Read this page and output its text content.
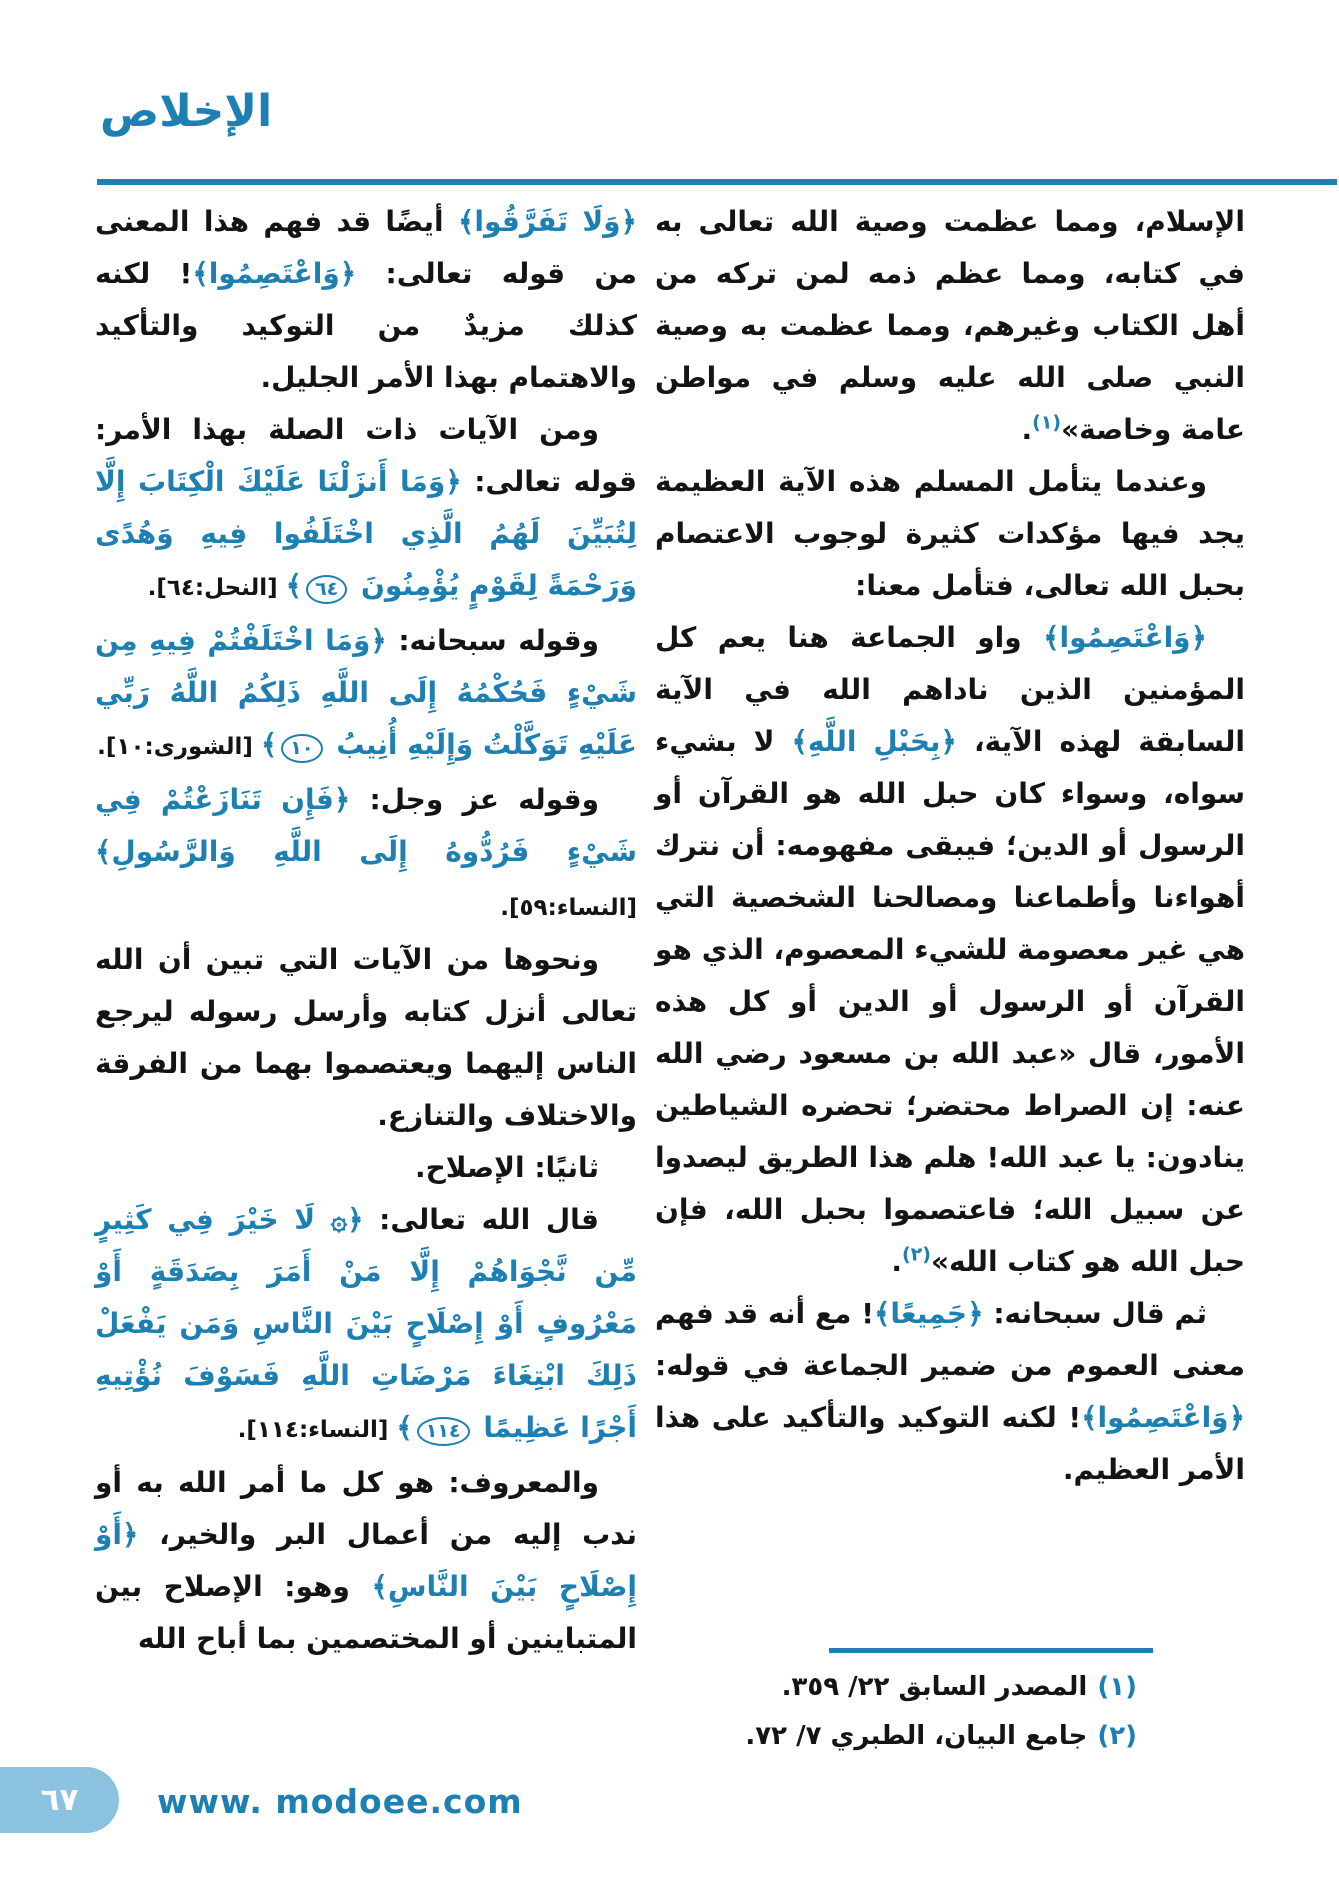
الإخلاص

الإسلام، ومما عظمت وصية الله تعالى به في كتابه، ومما عظم ذمه لمن تركه من أهل الكتاب وغيرهم، ومما عظمت به وصية النبي صلى الله عليه وسلم في مواطن عامة وخاصة»$^{(١)}$.

وعندما يتأمل المسلم هذه الآية العظيمة يجد فيها مؤكدات كثيرة لوجوب الاعتصام بحبل الله تعالى، فتأمل معنا:

﴿وَاعْتَصِمُوا﴾ واو الجماعة هنا يعم كل المؤمنين الذين ناداهم الله في الآية السابقة لهذه الآية، ﴿بِحَبْلِ اللَّهِ﴾ لا بشيء سواه، وسواء كان حبل الله هو القرآن أو الرسول أو الدين؛ فيبقى مفهومه: أن نترك أهواءنا وأطماعنا ومصالحنا الشخصية التي هي غير معصومة للشيء المعصوم، الذي هو القرآن أو الرسول أو الدين أو كل هذه الأمور، قال «عبد الله بن مسعود رضي الله عنه: إن الصراط محتضر؛ تحضره الشياطين ينادون: يا عبد الله! هلم هذا الطريق ليصدوا عن سبيل الله؛ فاعتصموا بحبل الله، فإن حبل الله هو كتاب الله»$^{(٢)}$.

ثم قال سبحانه: ﴿جَمِيعًا﴾! مع أنه قد فهم معنى العموم من ضمير الجماعة في قوله: ﴿وَاعْتَصِمُوا﴾! لكنه التوكيد والتأكيد على هذا الأمر العظيم.

﴿وَلَا تَفَرَّقُوا﴾ أيضًا قد فهم هذا المعنى من قوله تعالى: ﴿وَاعْتَصِمُوا﴾! لكنه كذلك مزيدٌ من التوكيد والتأكيد والاهتمام بهذا الأمر الجليل.

ومن الآيات ذات الصلة بهذا الأمر: قوله تعالى: ﴿وَمَا أَنزَلْنَا عَلَيْكَ الْكِتَابَ إِلَّا لِتُبَيِّنَ لَهُمُ الَّذِي اخْتَلَفُوا فِيهِ وَهُدًى وَرَحْمَةً لِقَوْمٍ يُؤْمِنُونَ ٦٤﴾ [النحل:٦٤].

وقوله سبحانه: ﴿وَمَا اخْتَلَفْتُمْ فِيهِ مِن شَيْءٍ فَحُكْمُهُ إِلَى اللَّهِ ذَلِكُمُ اللَّهُ رَبِّي عَلَيْهِ تَوَكَّلْتُ وَإِلَيْهِ أُنِيبُ ١٠﴾ [الشورى:١٠].

وقوله عز وجل: ﴿فَإِن تَنَازَعْتُمْ فِي شَيْءٍ فَرُدُّوهُ إِلَى اللَّهِ وَالرَّسُولِ﴾ [النساء:٥٩].

ونحوها من الآيات التي تبين أن الله تعالى أنزل كتابه وأرسل رسوله ليرجع الناس إليهما ويعتصموا بهما من الفرقة والاختلاف والتنازع.

ثانيًا: الإصلاح.

قال الله تعالى: ﴿۞ لَا خَيْرَ فِي كَثِيرٍ مِّن نَّجْوَاهُمْ إِلَّا مَنْ أَمَرَ بِصَدَقَةٍ أَوْ مَعْرُوفٍ أَوْ إِصْلَاحٍ بَيْنَ النَّاسِ وَمَن يَفْعَلْ ذَلِكَ ابْتِغَاءَ مَرْضَاتِ اللَّهِ فَسَوْفَ نُؤْتِيهِ أَجْرًا عَظِيمًا ١١٤﴾ [النساء:١١٤].

والمعروف: هو كل ما أمر الله به أو ندب إليه من أعمال البر والخير، ﴿أَوْ إِصْلَاحٍ بَيْنَ النَّاسِ﴾ وهو: الإصلاح بين المتباينين أو المختصمين بما أباح الله

(١)المصدر السابق ٢٢/ ٣٥٩.
(٢)جامع البيان، الطبري ٧/ ٧٢.
٦٧ www. modoee.com
